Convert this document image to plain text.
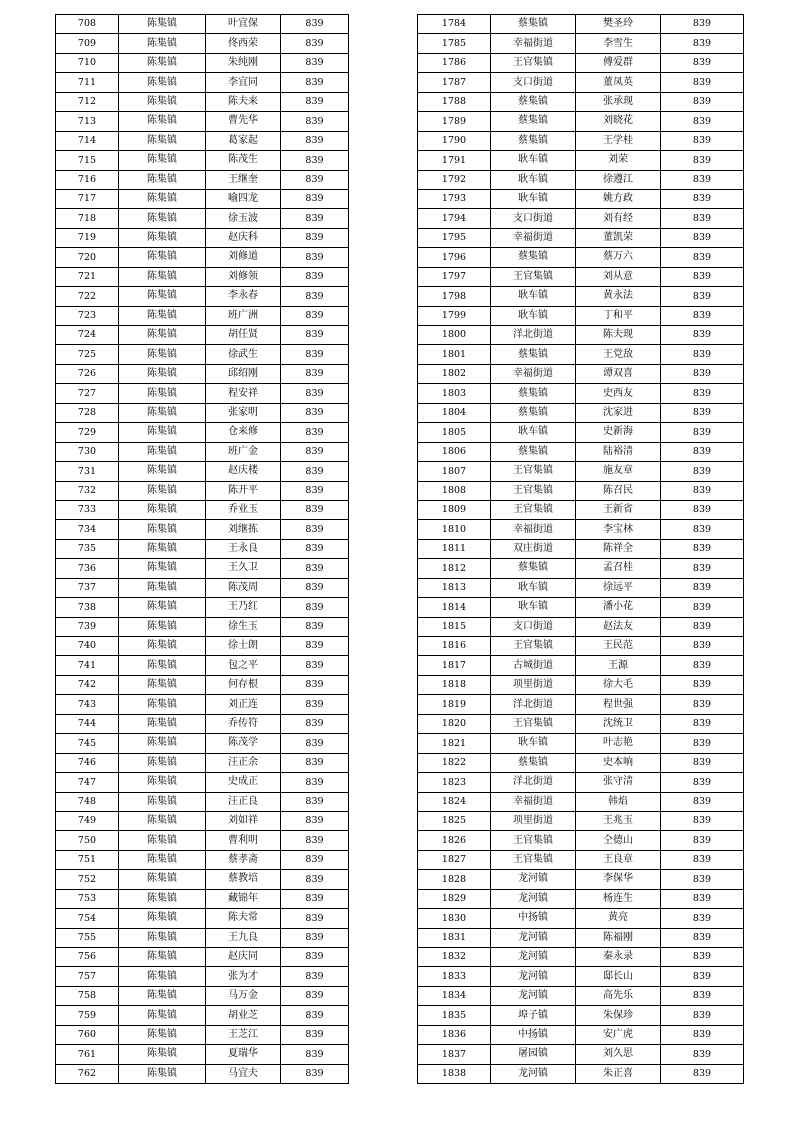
708	陈集镇	叶宜保	839
709	陈集镇	佟西荣	839
710	陈集镇	朱纯刚	839
711	陈集镇	李宜同	839
712	陈集镇	陈夫来	839
713	陈集镇	曹先华	839
714	陈集镇	葛家起	839
715	陈集镇	陈茂生	839
716	陈集镇	王继奎	839
717	陈集镇	喻四龙	839
718	陈集镇	徐玉波	839
719	陈集镇	赵庆科	839
720	陈集镇	刘修道	839
721	陈集镇	刘修领	839
722	陈集镇	李永春	839
723	陈集镇	班广洲	839
724	陈集镇	胡任贤	839
725	陈集镇	徐武生	839
726	陈集镇	邱绍刚	839
727	陈集镇	程安祥	839
728	陈集镇	张家明	839
729	陈集镇	仓来修	839
730	陈集镇	班广金	839
731	陈集镇	赵庆楼	839
732	陈集镇	陈开平	839
733	陈集镇	乔业玉	839
734	陈集镇	刘继拣	839
735	陈集镇	王永良	839
736	陈集镇	王久卫	839
737	陈集镇	陈茂周	839
738	陈集镇	王乃红	839
739	陈集镇	徐生玉	839
740	陈集镇	徐士朗	839
741	陈集镇	包之平	839
742	陈集镇	何存根	839
743	陈集镇	刘正连	839
744	陈集镇	乔传符	839
745	陈集镇	陈茂学	839
746	陈集镇	汪正余	839
747	陈集镇	史成正	839
748	陈集镇	汪正良	839
749	陈集镇	刘如祥	839
750	陈集镇	曹利明	839
751	陈集镇	蔡孝斋	839
752	陈集镇	蔡教培	839
753	陈集镇	藏锦年	839
754	陈集镇	陈夫常	839
755	陈集镇	王九良	839
756	陈集镇	赵庆同	839
757	陈集镇	张为才	839
758	陈集镇	马万金	839
759	陈集镇	胡业芝	839
760	陈集镇	王芝江	839
761	陈集镇	夏瑞华	839
762	陈集镇	马宜夫	839
1784	蔡集镇	樊圣玲	839
1785	幸福街道	李雪生	839
1786	王官集镇	傅爱群	839
1787	支口街道	董凤英	839
1788	蔡集镇	张承现	839
1789	蔡集镇	刘晓花	839
1790	蔡集镇	王学桂	839
1791	耿车镇	刘荣	839
1792	耿车镇	徐遵江	839
1793	耿车镇	姚方政	839
1794	支口街道	刘有经	839
1795	幸福街道	董凯荣	839
1796	蔡集镇	蔡万六	839
1797	王官集镇	刘从意	839
1798	耿车镇	黄永法	839
1799	耿车镇	丁和平	839
1800	洋北街道	陈夫现	839
1801	蔡集镇	王党敌	839
1802	幸福街道	谭双喜	839
1803	蔡集镇	史西友	839
1804	蔡集镇	沈家进	839
1805	耿车镇	史新海	839
1806	蔡集镇	陆裕清	839
1807	王官集镇	施友章	839
1808	王官集镇	陈召民	839
1809	王官集镇	王新省	839
1810	幸福街道	李宝林	839
1811	双庄街道	陈祥全	839
1812	蔡集镇	孟召桂	839
1813	耿车镇	徐远平	839
1814	耿车镇	潘小花	839
1815	支口街道	赵法友	839
1816	王官集镇	王民范	839
1817	古城街道	王源	839
1818	项里街道	徐大毛	839
1819	洋北街道	程世强	839
1820	王官集镇	沈统卫	839
1821	耿车镇	叶志艳	839
1822	蔡集镇	史本响	839
1823	洋北街道	张守清	839
1824	幸福街道	韩焰	839
1825	项里街道	王兆玉	839
1826	王官集镇	仝德山	839
1827	王官集镇	王良章	839
1828	龙河镇	李保华	839
1829	龙河镇	杨连生	839
1830	中扬镇	黄亮	839
1831	龙河镇	陈福刚	839
1832	龙河镇	秦永录	839
1833	龙河镇	邸长山	839
1834	龙河镇	高先乐	839
1835	埠子镇	朱保珍	839
1836	中扬镇	安广虎	839
1837	屠园镇	刘久思	839
1838	龙河镇	朱正喜	839
